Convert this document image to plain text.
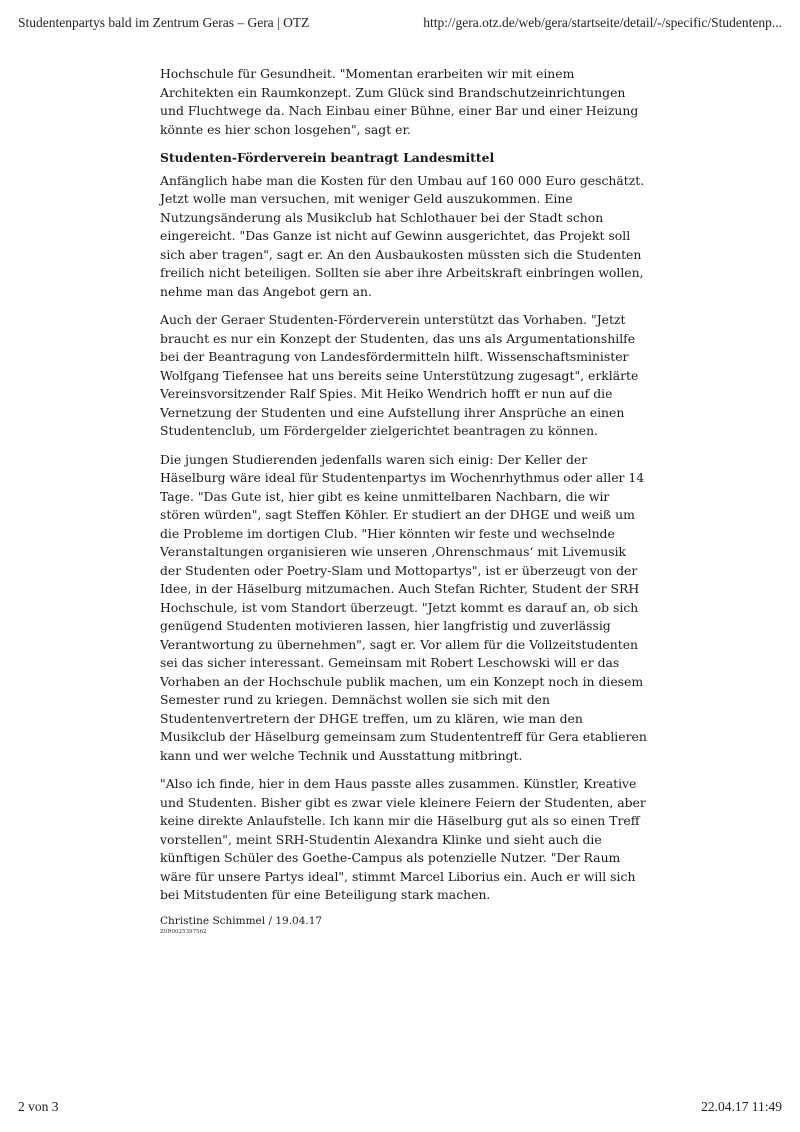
Studentenpartys bald im Zentrum Geras – Gera | OTZ	http://gera.otz.de/web/gera/startseite/detail/-/specific/Studentenp...

Hochschule für Gesundheit. "Momentan erarbeiten wir mit einem Architekten ein Raumkonzept. Zum Glück sind Brandschutzeinrichtungen und Fluchtwege da. Nach Einbau einer Bühne, einer Bar und einer Heizung könnte es hier schon losgehen", sagt er.

Studenten-Förderverein beantragt Landesmittel

Anfänglich habe man die Kosten für den Umbau auf 160 000 Euro geschätzt. Jetzt wolle man versuchen, mit weniger Geld auszukommen. Eine Nutzungsänderung als Musikclub hat Schlothauer bei der Stadt schon eingereicht. "Das Ganze ist nicht auf Gewinn ausgerichtet, das Projekt soll sich aber tragen", sagt er. An den Ausbaukosten müssten sich die Studenten freilich nicht beteiligen. Sollten sie aber ihre Arbeitskraft einbringen wollen, nehme man das Angebot gern an.

Auch der Geraer Studenten-Förderverein unterstützt das Vorhaben. "Jetzt braucht es nur ein Konzept der Studenten, das uns als Argumentationshilfe bei der Beantragung von Landesfördermitteln hilft. Wissenschaftsminister Wolfgang Tiefensee hat uns bereits seine Unterstützung zugesagt", erklärte Vereinsvorsitzender Ralf Spies. Mit Heiko Wendrich hofft er nun auf die Vernetzung der Studenten und eine Aufstellung ihrer Ansprüche an einen Studentenclub, um Fördergelder zielgerichtet beantragen zu können.

Die jungen Studierenden jedenfalls waren sich einig: Der Keller der Häselburg wäre ideal für Studentenpartys im Wochenrhythmus oder aller 14 Tage. "Das Gute ist, hier gibt es keine unmittelbaren Nachbarn, die wir stören würden", sagt Steffen Köhler. Er studiert an der DHGE und weiß um die Probleme im dortigen Club. "Hier könnten wir feste und wechselnde Veranstaltungen organisieren wie unseren ‚Ohrenschmaus‘ mit Livemusik der Studenten oder Poetry-Slam und Mottopartys", ist er überzeugt von der Idee, in der Häselburg mitzumachen. Auch Stefan Richter, Student der SRH Hochschule, ist vom Standort überzeugt. "Jetzt kommt es darauf an, ob sich genügend Studenten motivieren lassen, hier langfristig und zuverlässig Verantwortung zu übernehmen", sagt er. Vor allem für die Vollzeitstudenten sei das sicher interessant. Gemeinsam mit Robert Leschowski will er das Vorhaben an der Hochschule publik machen, um ein Konzept noch in diesem Semester rund zu kriegen. Demnächst wollen sie sich mit den Studentenvertretern der DHGE treffen, um zu klären, wie man den Musikclub der Häselburg gemeinsam zum Studententreff für Gera etablieren kann und wer welche Technik und Ausstattung mitbringt.

"Also ich finde, hier in dem Haus passte alles zusammen. Künstler, Kreative und Studenten. Bisher gibt es zwar viele kleinere Feiern der Studenten, aber keine direkte Anlaufstelle. Ich kann mir die Häselburg gut als so einen Treff vorstellen", meint SRH-Studentin Alexandra Klinke und sieht auch die künftigen Schüler des Goethe-Campus als potenzielle Nutzer. "Der Raum wäre für unsere Partys ideal", stimmt Marcel Liborius ein. Auch er will sich bei Mitstudenten für eine Beteiligung stark machen.

Christine Schimmel / 19.04.17
Z0R0025397562
2 von 3	22.04.17 11:49
